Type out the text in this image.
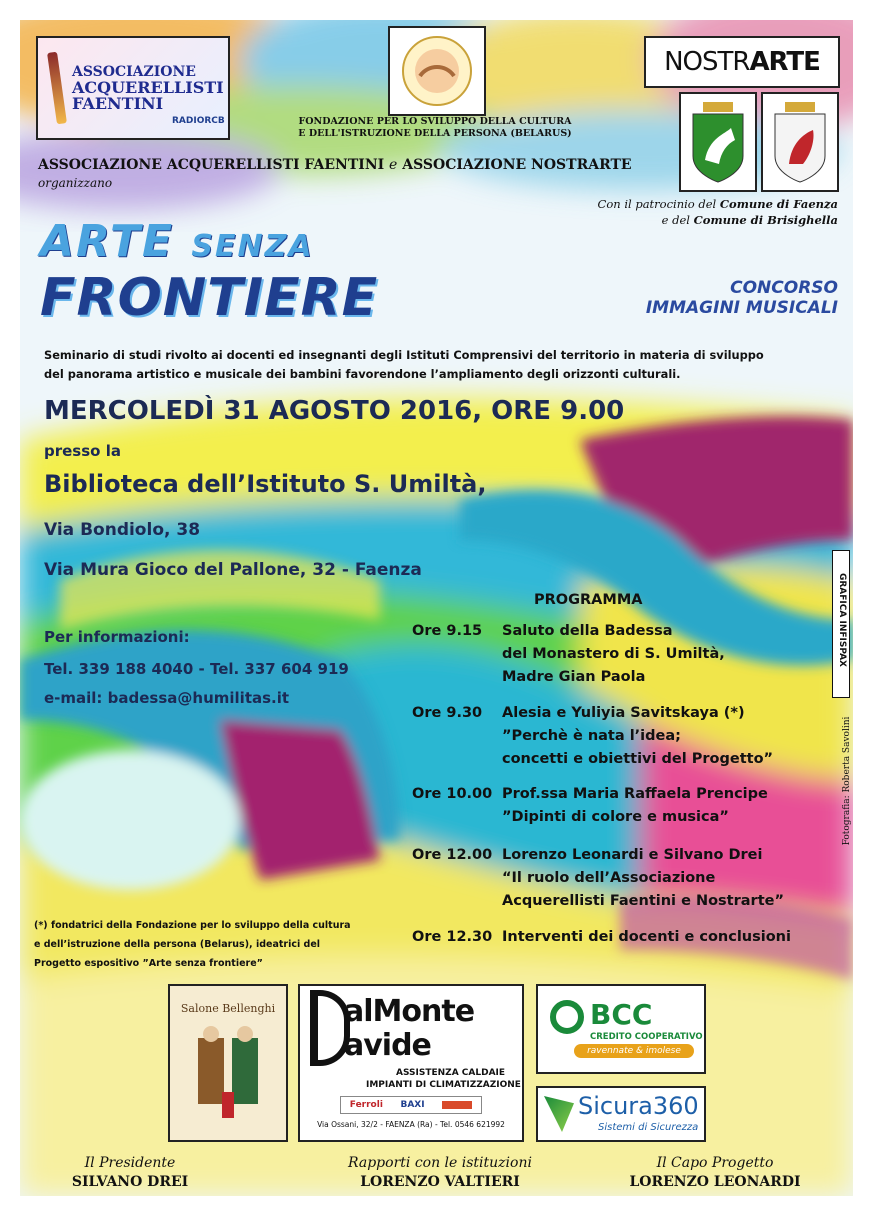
ASSOCIAZIONE
ACQUERELLISTI
FAENTINI
RADIORCB	FONDAZIONE PER LO SVILUPPO DELLA CULTURA
E DELL'ISTRUZIONE DELLA PERSONA (BELARUS)
NOSTR ARTE
ASSOCIAZIONE ACQUERELLISTI FAENTINI e ASSOCIAZIONE NOSTRARTE
organizzano
Con il patrocinio del Comune di Faenza
e del Comune di Brisighella
ARTE SENZA
FRONTIERE	CONCORSO
IMMAGINI MUSICALI
Seminario di studi rivolto ai docenti ed insegnanti degli Istituti Comprensivi del territorio in materia di sviluppo
del panorama artistico e musicale dei bambini favorendone l’ampliamento degli orizzonti culturali.
MERCOLEDÌ 31 AGOSTO 2016, ORE 9.00
presso la
Biblioteca dell’Istituto S. Umiltà,
Via Bondiolo, 38
Via Mura Gioco del Pallone, 32 - Faenza
Per informazioni:
Tel. 339 188 4040 - Tel. 337 604 919
e-mail: badessa@humilitas.it
PROGRAMMA
Ore 9.15 Saluto della Badessa
del Monastero di S. Umiltà,
Madre Gian Paola
Ore 9.30 Alesia e Yuliyia Savitskaya (*)
”Perchè è nata l’idea;
concetti e obiettivi del Progetto”
Ore 10.00 Prof.ssa Maria Raffaela Prencipe
”Dipinti di colore e musica”
Ore 12.00 Lorenzo Leonardi e Silvano Drei
“Il ruolo dell’Associazione
Acquerellisti Faentini e Nostrarte”
Ore 12.30 Interventi dei docenti e conclusioni
(*) fondatrici della Fondazione per lo sviluppo della cultura
e dell’istruzione della persona (Belarus), ideatrici del
Progetto espositivo ”Arte senza frontiere”
GRAFICA INFISPAX
Fotografia: Roberta Savolini
Salone Bellenghi	alMonte
avide
ASSISTENZA CALDAIE
IMPIANTI DI CLIMATIZZAZIONE
Ferroli BAXI
Via Ossani, 32/2 - FAENZA (Ra) - Tel. 0546 621992
BCC
CREDITO COOPERATIVO
ravennate & imolese
Sicura360
Sistemi di Sicurezza
Il Presidente
SILVANO DREI
Rapporti con le istituzioni
LORENZO VALTIERI
Il Capo Progetto
LORENZO LEONARDI
